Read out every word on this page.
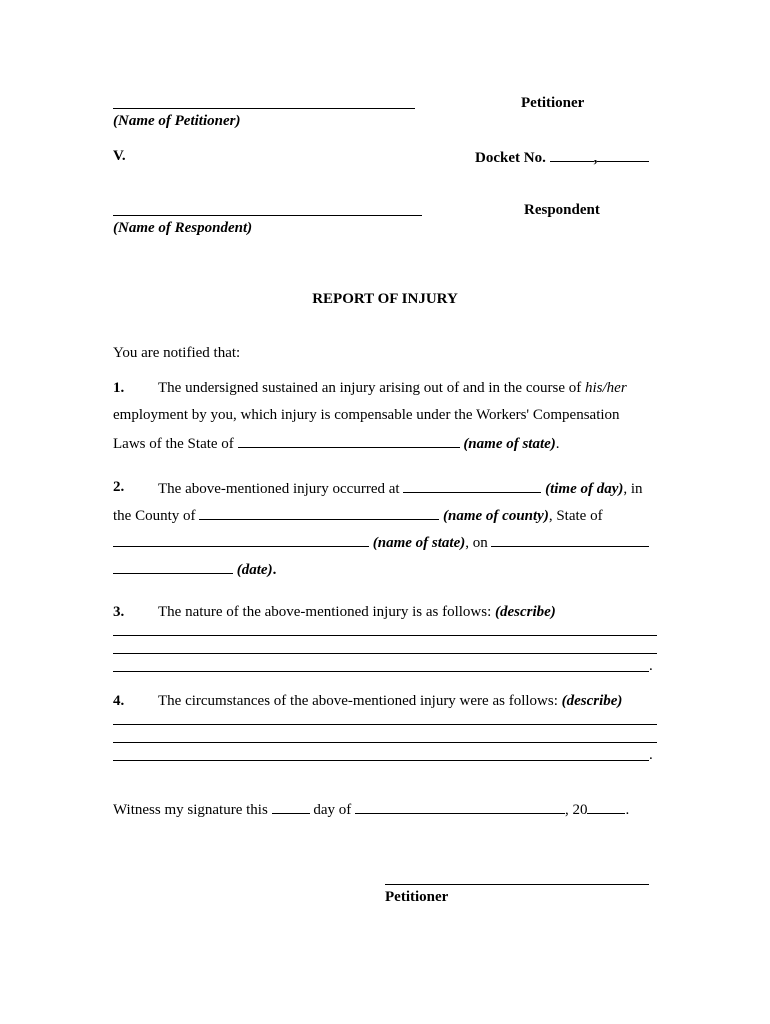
Petitioner
(Name of Petitioner)
V.	Docket No.	,
Respondent
(Name of Respondent)
REPORT OF INJURY
You are notified that:
1. The undersigned sustained an injury arising out of and in the course of his/her
employment by you, which injury is compensable under the Workers' Compensation
Laws of the State of	(name of state).
2. The above-mentioned injury occurred at	(time of day), in
the County of	(name of county), State of
(name of state), on
(date).
3. The nature of the above-mentioned injury is as follows: (describe)
.
4. The circumstances of the above-mentioned injury were as follows: (describe)
.
Witness my signature this	day of	, 20	.
Petitioner
